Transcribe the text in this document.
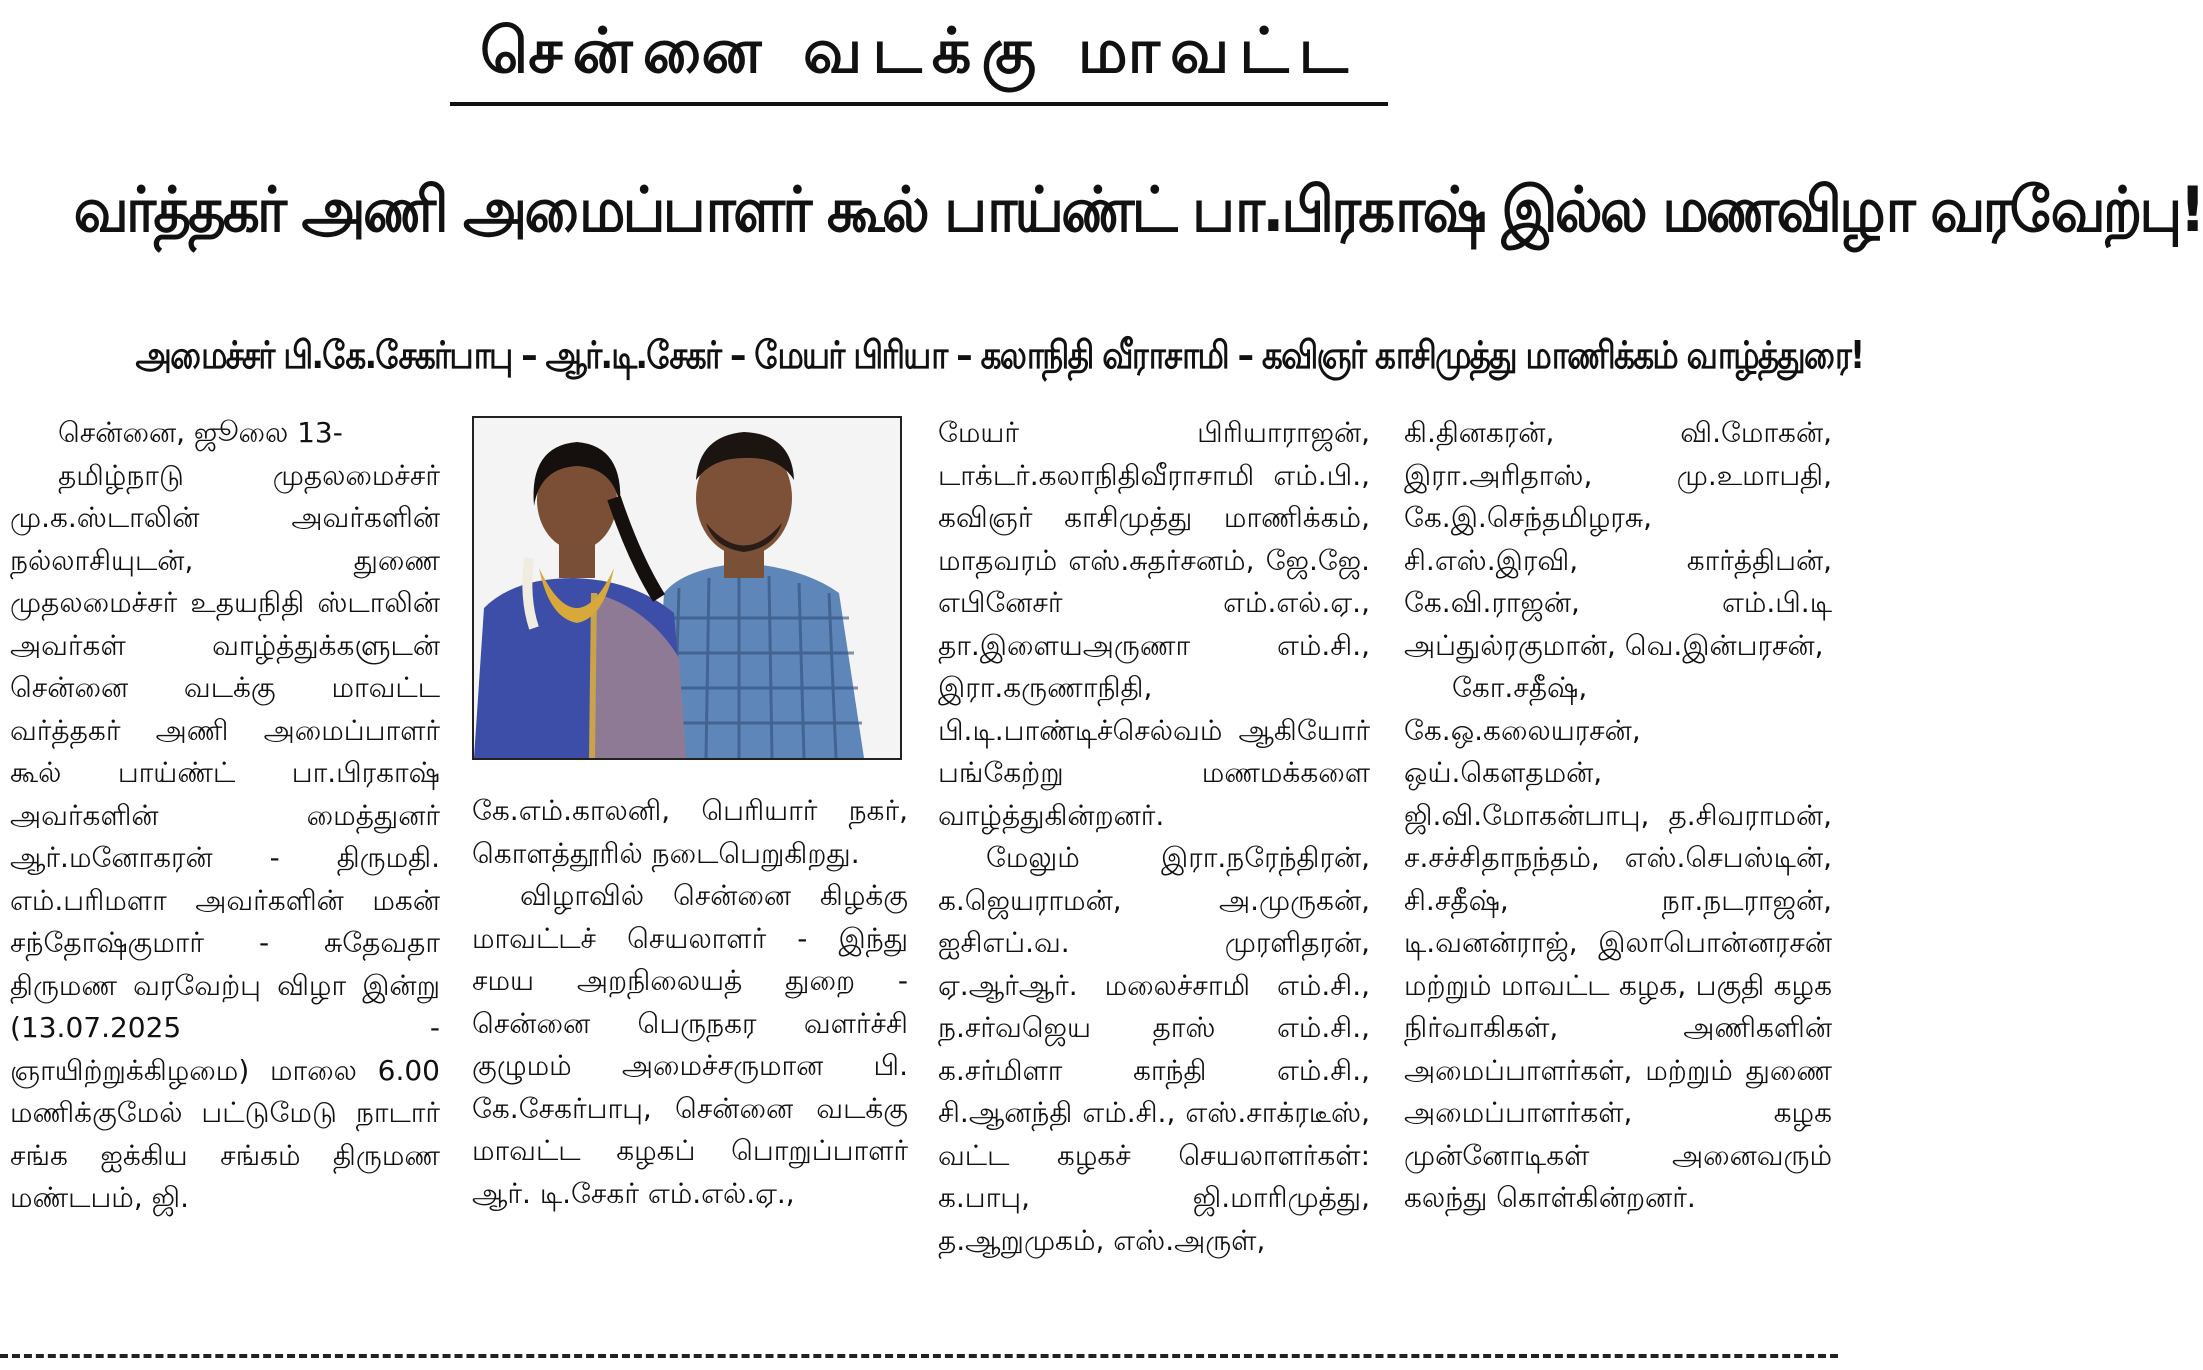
சென்னை வடக்கு மாவட்ட
வர்த்தகர் அணி அமைப்பாளர் கூல் பாய்ண்ட் பா.பிரகாஷ் இல்ல மணவிழா வரவேற்பு!
அமைச்சர் பி.கே.சேகர்பாபு – ஆர்.டி.சேகர் – மேயர் பிரியா – கலாநிதி வீராசாமி – கவிஞர் காசிமுத்து மாணிக்கம் வாழ்த்துரை!

சென்னை, ஜூலை 13-

தமிழ்நாடு முதலமைச்சர் மு.க.ஸ்டாலின் அவர்களின் நல்லாசியுடன், துணை முதலமைச்சர் உதயநிதி ஸ்டாலின் அவர்கள் வாழ்த்துக்களுடன் சென்னை வடக்கு மாவட்ட வர்த்தகர் அணி அமைப்பாளர் கூல் பாய்ண்ட் பா.பிரகாஷ் அவர்களின் மைத்துனர் ஆர்.மனோகரன் - திருமதி. எம்.பரிமளா அவர்களின் மகன் சந்தோஷ்குமார் - சுதேவதா திருமண வரவேற்பு விழா இன்று (13.07.2025 - ஞாயிற்றுக்கிழமை) மாலை 6.00 மணிக்குமேல் பட்டுமேடு நாடார் சங்க ஐக்கிய சங்கம் திருமண மண்டபம், ஜி.

கே.எம்.காலனி, பெரியார் நகர், கொளத்தூரில் நடைபெறுகிறது.

விழாவில் சென்னை கிழக்கு மாவட்டச் செயலாளர் - இந்து சமய அறநிலையத் துறை - சென்னை பெருநகர வளர்ச்சி குழுமம் அமைச்சருமான பி. கே.சேகர்பாபு, சென்னை வடக்கு மாவட்ட கழகப் பொறுப்பாளர் ஆர். டி.சேகர் எம்.எல்.ஏ.,

மேயர் பிரியாராஜன், டாக்டர்.கலாநிதிவீராசாமி எம்.பி., கவிஞர் காசிமுத்து மாணிக்கம், மாதவரம் எஸ்.சுதர்சனம், ஜே.ஜே. எபினேசர் எம்.எல்.ஏ., தா.இளையஅருணா எம்.சி., இரா.கருணாநிதி, பி.டி.பாண்டிச்செல்வம் ஆகியோர் பங்கேற்று மணமக்களை வாழ்த்துகின்றனர்.

மேலும் இரா.நரேந்திரன், க.ஜெயராமன், அ.முருகன், ஐசிஎப்.வ. முரளிதரன், ஏ.ஆர்ஆர். மலைச்சாமி எம்.சி., ந.சர்வஜெய தாஸ் எம்.சி., க.சர்மிளா காந்தி எம்.சி., சி.ஆனந்தி எம்.சி., எஸ்.சாக்ரடீஸ், வட்ட கழகச் செயலாளர்கள்: க.பாபு, ஜி.மாரிமுத்து, த.ஆறுமுகம், எஸ்.அருள்,

கி.தினகரன், வி.மோகன், இரா.அரிதாஸ், மு.உமாபதி, கே.இ.செந்தமிழரசு, சி.எஸ்.இரவி, கார்த்திபன், கே.வி.ராஜன், எம்.பி.டி அப்துல்ரகுமான், வெ.இன்பரசன்,

கோ.சதீஷ், கே.ஒ.கலையரசன், ஒய்.கௌதமன், ஜி.வி.மோகன்பாபு, த.சிவராமன், ச.சச்சிதாநந்தம், எஸ்.செபஸ்டின், சி.சதீஷ், நா.நடராஜன், டி.வனன்ராஜ், இலாபொன்னரசன் மற்றும் மாவட்ட கழக, பகுதி கழக நிர்வாகிகள், அணிகளின் அமைப்பாளர்கள், மற்றும் துணை அமைப்பாளர்கள், கழக முன்னோடிகள் அனைவரும் கலந்து கொள்கின்றனர்.
